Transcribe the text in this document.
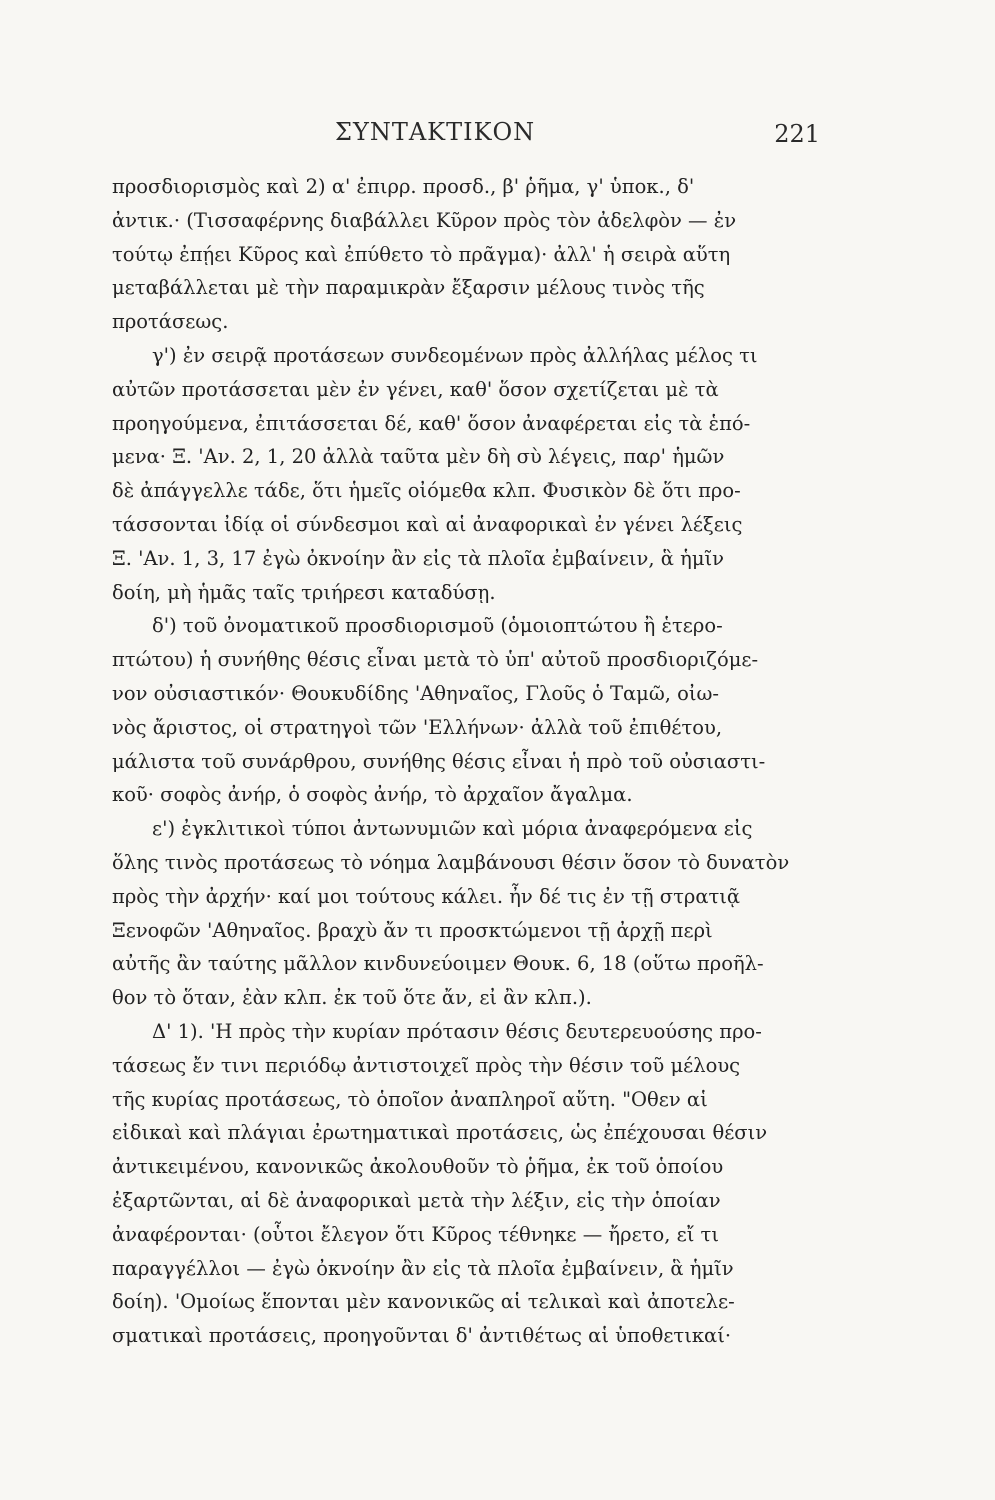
ΣΥΝΤΑΚΤΙΚΟΝ	221
προσδιορισμὸς καὶ 2) α' ἐπιρρ. προσδ., β' ῥῆμα, γ' ὑποκ., δ'
ἀντικ.· (Τισσαφέρνης διαβάλλει Κῦρον πρὸς τὸν ἀδελφὸν — ἐν
τούτῳ ἐπῄει Κῦρος καὶ ἐπύθετο τὸ πρᾶγμα)· ἀλλ' ἡ σειρὰ αὕτη
μεταβάλλεται μὲ τὴν παραμικρὰν ἔξαρσιν μέλους τινὸς τῆς
προτάσεως.
γ') ἐν σειρᾷ προτάσεων συνδεομένων πρὸς ἀλλήλας μέλος τι
αὐτῶν προτάσσεται μὲν ἐν γένει, καθ' ὅσον σχετίζεται μὲ τὰ
προηγούμενα, ἐπιτάσσεται δέ, καθ' ὅσον ἀναφέρεται εἰς τὰ ἑπό-
μενα· Ξ. 'Αν. 2, 1, 20 ἀλλὰ ταῦτα μὲν δὴ σὺ λέγεις, παρ' ἡμῶν
δὲ ἀπάγγελλε τάδε, ὅτι ἡμεῖς οἰόμεθα κλπ. Φυσικὸν δὲ ὅτι προ-
τάσσονται ἰδίᾳ οἱ σύνδεσμοι καὶ αἱ ἀναφορικαὶ ἐν γένει λέξεις
Ξ. 'Αν. 1, 3, 17 ἐγὼ ὀκνοίην ἂν εἰς τὰ πλοῖα ἐμβαίνειν, ἃ ἡμῖν
δοίη, μὴ ἡμᾶς ταῖς τριήρεσι καταδύσῃ.
δ') τοῦ ὀνοματικοῦ προσδιορισμοῦ (ὁμοιοπτώτου ἢ ἑτερο-
πτώτου) ἡ συνήθης θέσις εἶναι μετὰ τὸ ὑπ' αὐτοῦ προσδιοριζόμε-
νον οὐσιαστικόν· Θουκυδίδης 'Αθηναῖος, Γλοῦς ὁ Ταμῶ, οἰω-
νὸς ἄριστος, οἱ στρατηγοὶ τῶν 'Ελλήνων· ἀλλὰ τοῦ ἐπιθέτου,
μάλιστα τοῦ συνάρθρου, συνήθης θέσις εἶναι ἡ πρὸ τοῦ οὐσιαστι-
κοῦ· σοφὸς ἀνήρ, ὁ σοφὸς ἀνήρ, τὸ ἀρχαῖον ἄγαλμα.
ε') ἐγκλιτικοὶ τύποι ἀντωνυμιῶν καὶ μόρια ἀναφερόμενα εἰς
ὅλης τινὸς προτάσεως τὸ νόημα λαμβάνουσι θέσιν ὅσον τὸ δυνατὸν
πρὸς τὴν ἀρχήν· καί μοι τούτους κάλει. ἦν δέ τις ἐν τῇ στρατιᾷ
Ξενοφῶν 'Αθηναῖος. βραχὺ ἄν τι προσκτώμενοι τῇ ἀρχῇ περὶ
αὐτῆς ἂν ταύτης μᾶλλον κινδυνεύοιμεν Θουκ. 6, 18 (οὕτω προῆλ-
θον τὸ ὅταν, ἐὰν κλπ. ἐκ τοῦ ὅτε ἄν, εἰ ἂν κλπ.).
Δ' 1). 'Η πρὸς τὴν κυρίαν πρότασιν θέσις δευτερευούσης προ-
τάσεως ἔν τινι περιόδῳ ἀντιστοιχεῖ πρὸς τὴν θέσιν τοῦ μέλους
τῆς κυρίας προτάσεως, τὸ ὁποῖον ἀναπληροῖ αὕτη. "Οθεν αἱ
εἰδικαὶ καὶ πλάγιαι ἐρωτηματικαὶ προτάσεις, ὡς ἐπέχουσαι θέσιν
ἀντικειμένου, κανονικῶς ἀκολουθοῦν τὸ ῥῆμα, ἐκ τοῦ ὁποίου
ἐξαρτῶνται, αἱ δὲ ἀναφορικαὶ μετὰ τὴν λέξιν, εἰς τὴν ὁποίαν
ἀναφέρονται· (οὗτοι ἔλεγον ὅτι Κῦρος τέθνηκε — ἤρετο, εἴ τι
παραγγέλλοι — ἐγὼ ὀκνοίην ἂν εἰς τὰ πλοῖα ἐμβαίνειν, ἃ ἡμῖν
δοίη). 'Ομοίως ἕπονται μὲν κανονικῶς αἱ τελικαὶ καὶ ἀποτελε-
σματικαὶ προτάσεις, προηγοῦνται δ' ἀντιθέτως αἱ ὑποθετικαί·
